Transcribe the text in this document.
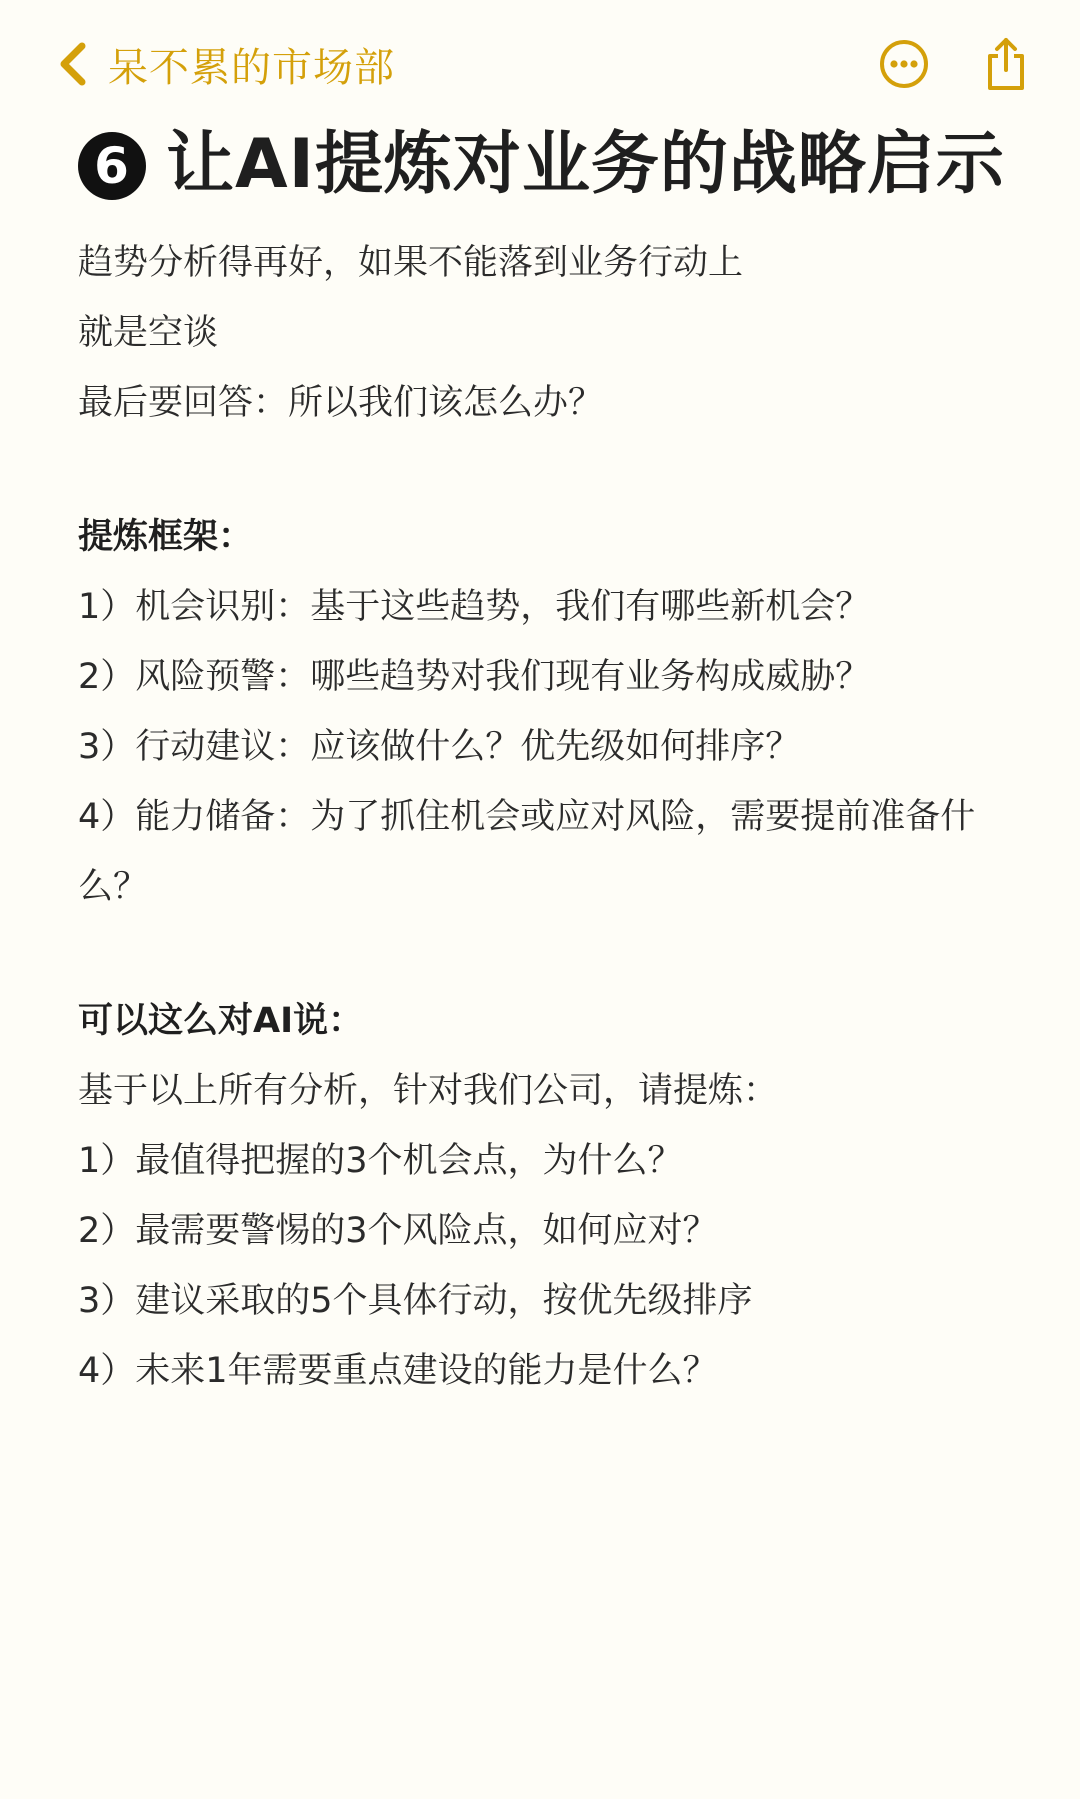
呆不累的市场部
6 让AI提炼对业务的战略启示

趋势分析得再好，如果不能落到业务行动上

就是空谈

最后要回答：所以我们该怎么办？

提炼框架：

1）机会识别：基于这些趋势，我们有哪些新机会？

2）风险预警：哪些趋势对我们现有业务构成威胁？

3）行动建议：应该做什么？优先级如何排序？

4）能力储备：为了抓住机会或应对风险，需要提前准备什么？

可以这么对AI说：

基于以上所有分析，针对我们公司，请提炼：

1）最值得把握的3个机会点，为什么？

2）最需要警惕的3个风险点，如何应对？

3）建议采取的5个具体行动，按优先级排序

4）未来1年需要重点建设的能力是什么？
